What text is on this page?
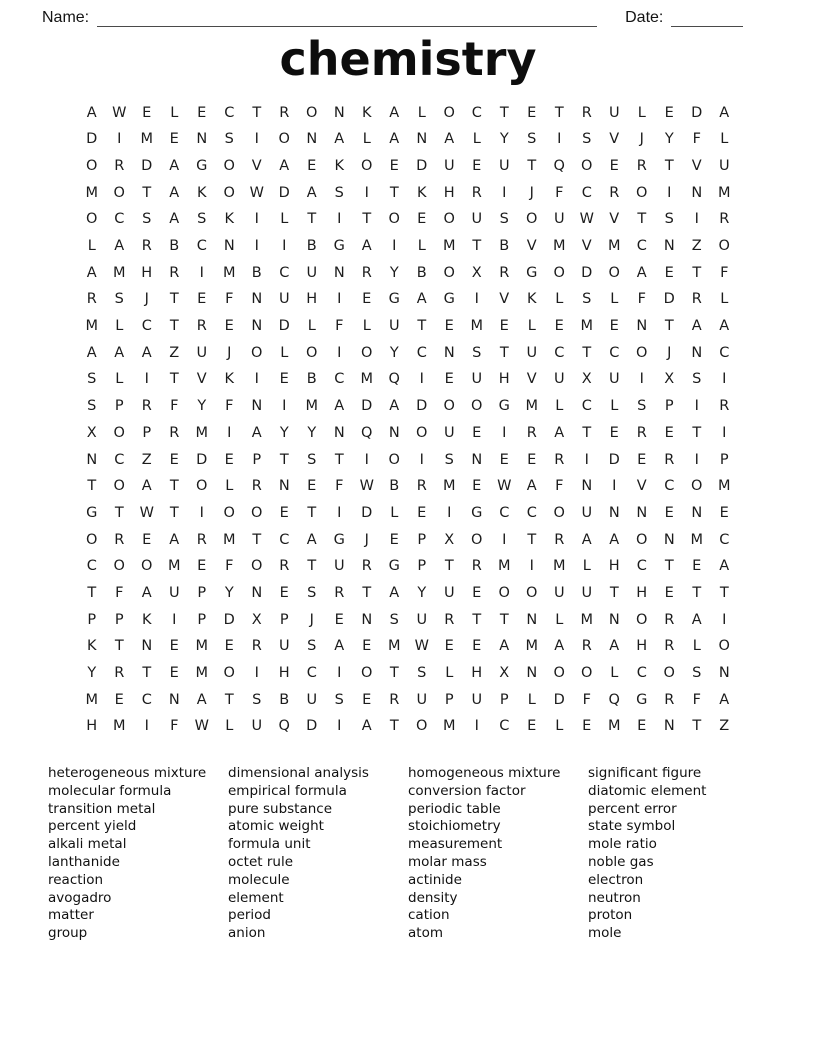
Name:	Date:
chemistry
A	W	E	L	E	C	T	R	O	N	K	A	L	O	C	T	E	T	R	U	L	E	D	A
D	I	M	E	N	S	I	O	N	A	L	A	N	A	L	Y	S	I	S	V	J	Y	F	L
O	R	D	A	G	O	V	A	E	K	O	E	D	U	E	U	T	Q	O	E	R	T	V	U
M	O	T	A	K	O	W	D	A	S	I	T	K	H	R	I	J	F	C	R	O	I	N	M
O	C	S	A	S	K	I	L	T	I	T	O	E	O	U	S	O	U	W	V	T	S	I	R
L	A	R	B	C	N	I	I	B	G	A	I	L	M	T	B	V	M	V	M	C	N	Z	O
A	M	H	R	I	M	B	C	U	N	R	Y	B	O	X	R	G	O	D	O	A	E	T	F
R	S	J	T	E	F	N	U	H	I	E	G	A	G	I	V	K	L	S	L	F	D	R	L
M	L	C	T	R	E	N	D	L	F	L	U	T	E	M	E	L	E	M	E	N	T	A	A
A	A	A	Z	U	J	O	L	O	I	O	Y	C	N	S	T	U	C	T	C	O	J	N	C
S	L	I	T	V	K	I	E	B	C	M	Q	I	E	U	H	V	U	X	U	I	X	S	I
S	P	R	F	Y	F	N	I	M	A	D	A	D	O	O	G	M	L	C	L	S	P	I	R
X	O	P	R	M	I	A	Y	Y	N	Q	N	O	U	E	I	R	A	T	E	R	E	T	I
N	C	Z	E	D	E	P	T	S	T	I	O	I	S	N	E	E	R	I	D	E	R	I	P
T	O	A	T	O	L	R	N	E	F	W	B	R	M	E	W	A	F	N	I	V	C	O	M
G	T	W	T	I	O	O	E	T	I	D	L	E	I	G	C	C	O	U	N	N	E	N	E
O	R	E	A	R	M	T	C	A	G	J	E	P	X	O	I	T	R	A	A	O	N	M	C
C	O	O	M	E	F	O	R	T	U	R	G	P	T	R	M	I	M	L	H	C	T	E	A
T	F	A	U	P	Y	N	E	S	R	T	A	Y	U	E	O	O	U	U	T	H	E	T	T
P	P	K	I	P	D	X	P	J	E	N	S	U	R	T	T	N	L	M	N	O	R	A	I
K	T	N	E	M	E	R	U	S	A	E	M W	E	E	A	M	A	R	A	H	R	L	O
Y	R	T	E	M	O	I	H	C	I	O	T	S	L	H	X	N	O	O	L	C	O	S	N
M	E	C	N	A	T	S	B	U	S	E	R	U	P	U	P	L	D	F	Q	G	R	F	A
H	M	I	F	W	L	U	Q	D	I	A	T	O	M	I	C	E	L	E	M	E	N	T	Z
heterogeneous mixture
molecular formula
transition metal
percent yield
alkali metal
lanthanide
reaction
avogadro
matter
group
dimensional analysis
empirical formula
pure substance
atomic weight
formula unit
octet rule
molecule
element
period
anion
homogeneous mixture
conversion factor
periodic table
stoichiometry
measurement
molar mass
actinide
density
cation
atom
significant figure
diatomic element
percent error
state symbol
mole ratio
noble gas
electron
neutron
proton
mole
